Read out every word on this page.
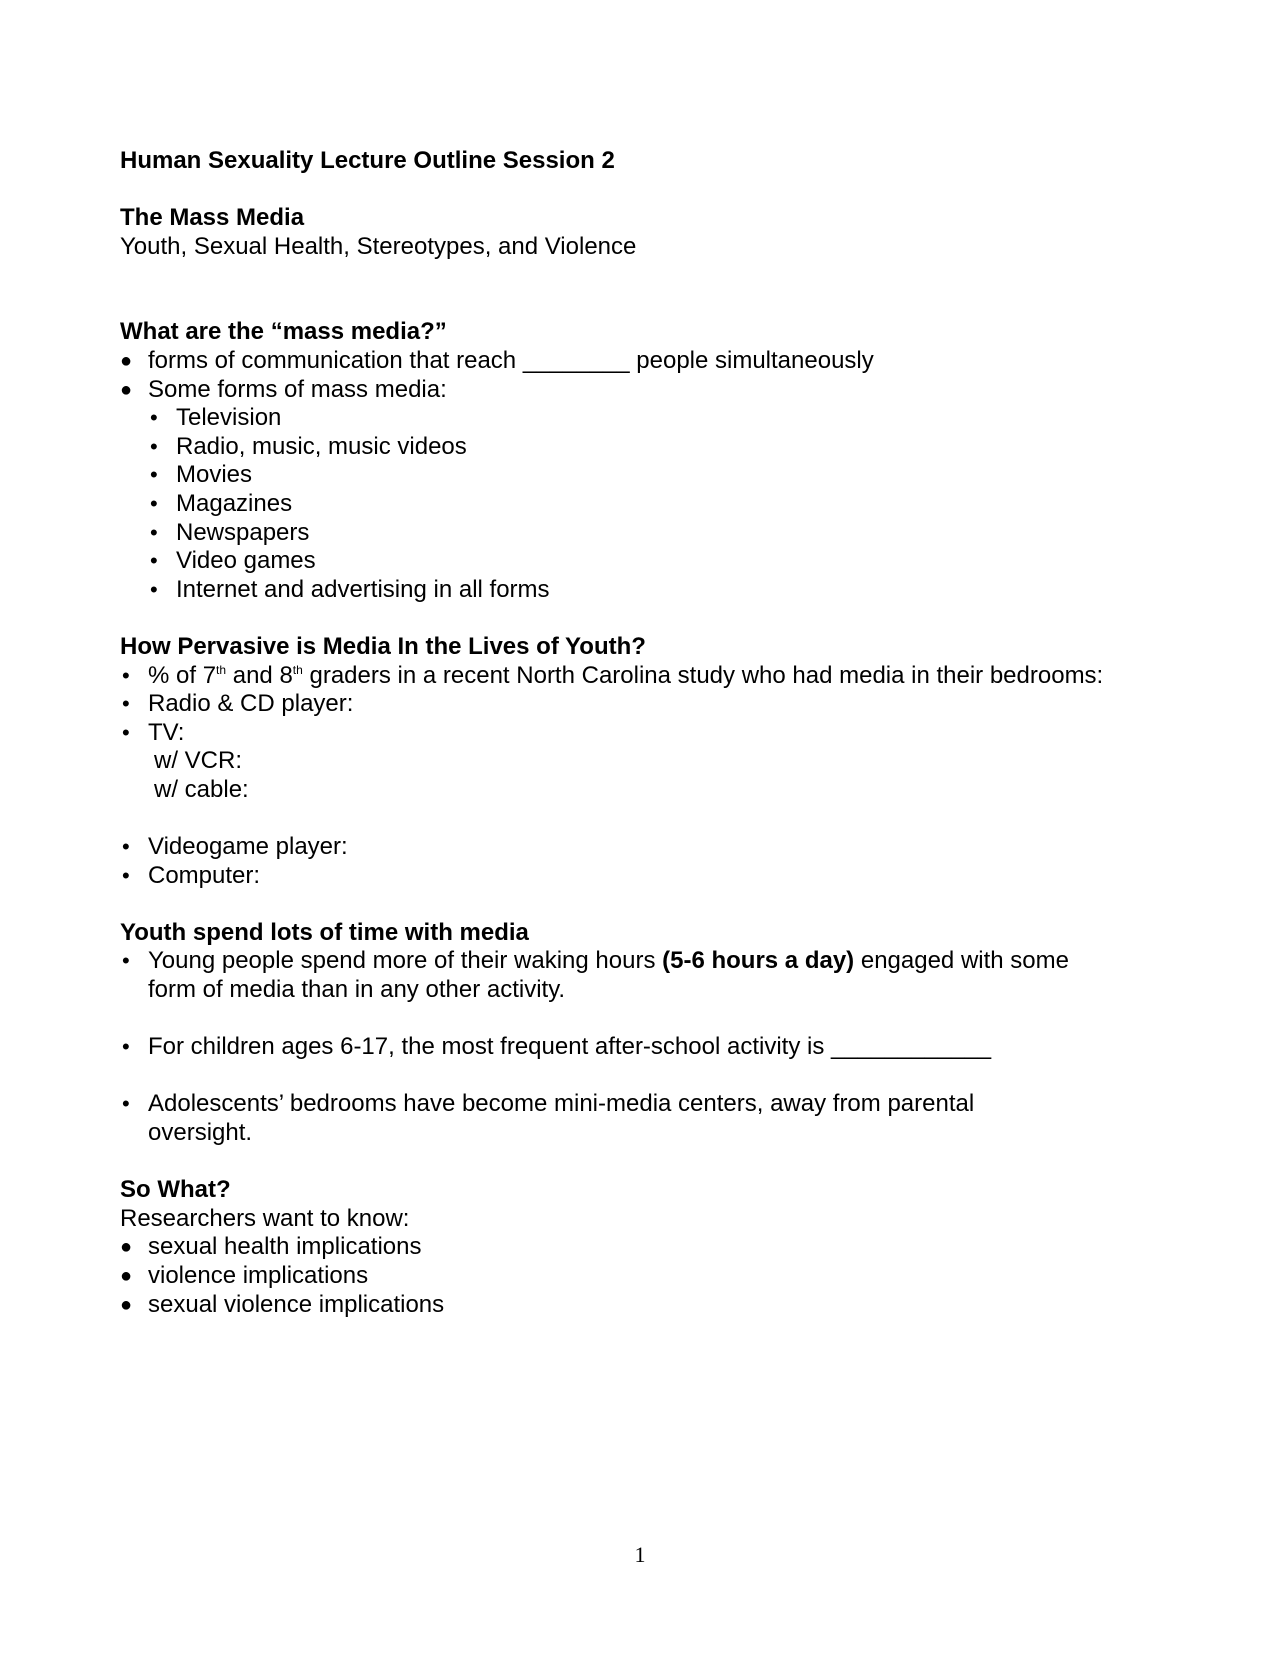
Human Sexuality Lecture Outline Session 2
The Mass Media
Youth, Sexual Health, Stereotypes, and Violence
What are the “mass media?”
● forms of communication that reach ________ people simultaneously
● Some forms of mass media:
• Television
• Radio, music, music videos
• Movies
• Magazines
• Newspapers
• Video games
• Internet and advertising in all forms
How Pervasive is Media In the Lives of Youth?
• % of 7th and 8th graders in a recent North Carolina study who had media in their bedrooms:
• Radio & CD player:
• TV:
w/ VCR:
w/ cable:
• Videogame player:
• Computer:
Youth spend lots of time with media
• Young people spend more of their waking hours (5-6 hours a day) engaged with some form of media than in any other activity.
• For children ages 6-17, the most frequent after-school activity is ____________
• Adolescents’ bedrooms have become mini-media centers, away from parental oversight.
So What?
Researchers want to know:
● sexual health implications
● violence implications
● sexual violence implications
1
